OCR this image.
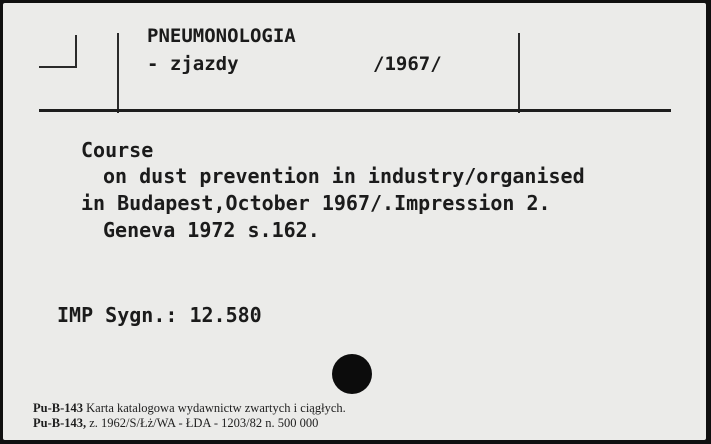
PNEUMONOLOGIA
- zjazdy	/1967/
Course
on dust prevention in industry/organised
in Budapest,October 1967/.Impression 2.
Geneva 1972 s.162.
IMP Sygn.: 12.580
Pu-B-143 Karta katalogowa wydawnictw zwartych i ciągłych.
Pu-B-143, z. 1962/S/Łż/WA - ŁDA - 1203/82 n. 500 000
